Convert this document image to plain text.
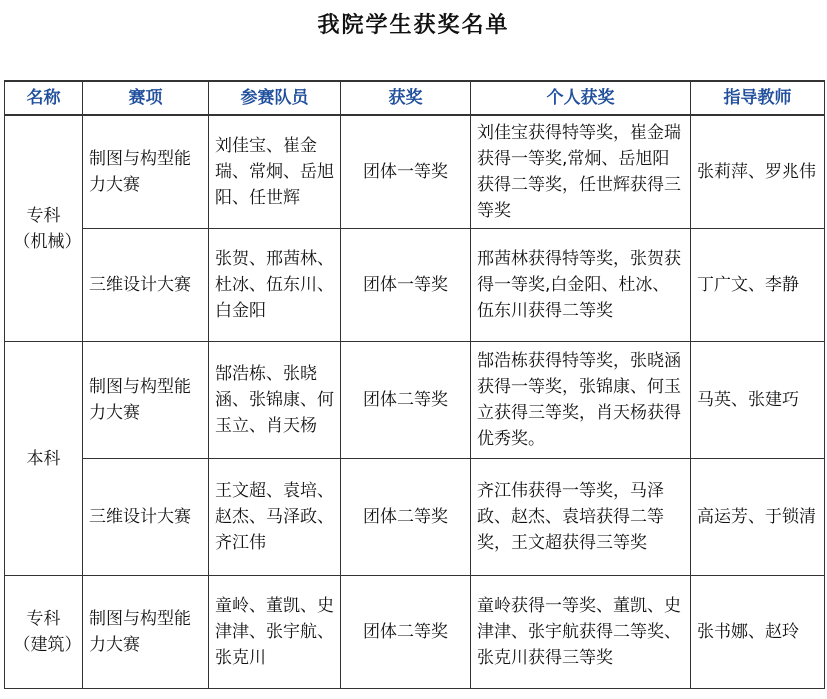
我院学生获奖名单
名称	赛项	参赛队员	获奖	个人获奖	指导教师
专科（机械）	制图与构型能力大赛	刘佳宝、崔金瑞、常炯、岳旭阳、任世辉	团体一等奖	刘佳宝获得特等奖，崔金瑞获得一等奖,常炯、岳旭阳获得二等奖，任世辉获得三等奖	张莉萍、罗兆伟
	三维设计大赛	张贺、邢茜林、杜冰、伍东川、白金阳	团体一等奖	邢茜林获得特等奖，张贺获得一等奖,白金阳、杜冰、伍东川获得二等奖	丁广文、李静
本科	制图与构型能力大赛	郜浩栋、张晓涵、张锦康、何玉立、肖天杨	团体二等奖	郜浩栋获得特等奖，张晓涵获得一等奖，张锦康、何玉立获得三等奖，肖天杨获得优秀奖。	马英、张建巧
	三维设计大赛	王文超、袁培、赵杰、马泽政、齐江伟	团体二等奖	齐江伟获得一等奖，马泽政、赵杰、袁培获得二等奖，王文超获得三等奖	高运芳、于锁清
专科（建筑）	制图与构型能力大赛	童岭、董凯、史津津、张宇航、张克川	团体二等奖	童岭获得一等奖、董凯、史津津、张宇航获得二等奖、张克川获得三等奖	张书娜、赵玲
